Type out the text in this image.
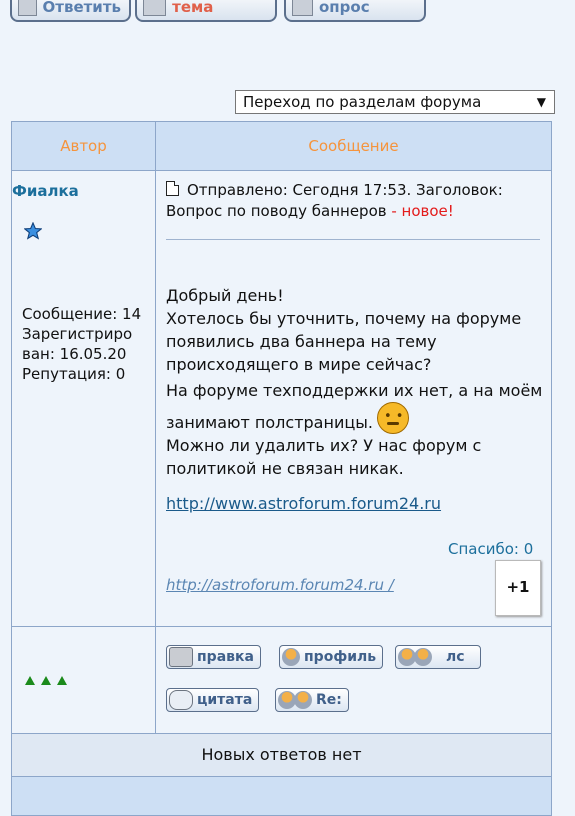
Ответить	тема	опрос
Переход по разделам форума	▼
Автор	Сообщение
Фиалка
Сообщение: 14
Зарегистриро
ван: 16.05.20
Репутация: 0
Отправлено: Сегодня 17:53. Заголовок:
Вопрос по поводу баннеров - новое!

Добрый день!

Хотелось бы уточнить, почему на форуме появились два баннера на тему происходящего в мире сейчас?

На форуме техподдержки их нет, а на моём занимают полстраницы.• •

Можно ли удалить их? У нас форум с политикой не связан никак.

http://www.astroforum.forum24.ru
Спасибо: 0
http://astroforum.forum24.ru /	+1
правка	профиль	лс
цитата	Re:
Новых ответов нет
